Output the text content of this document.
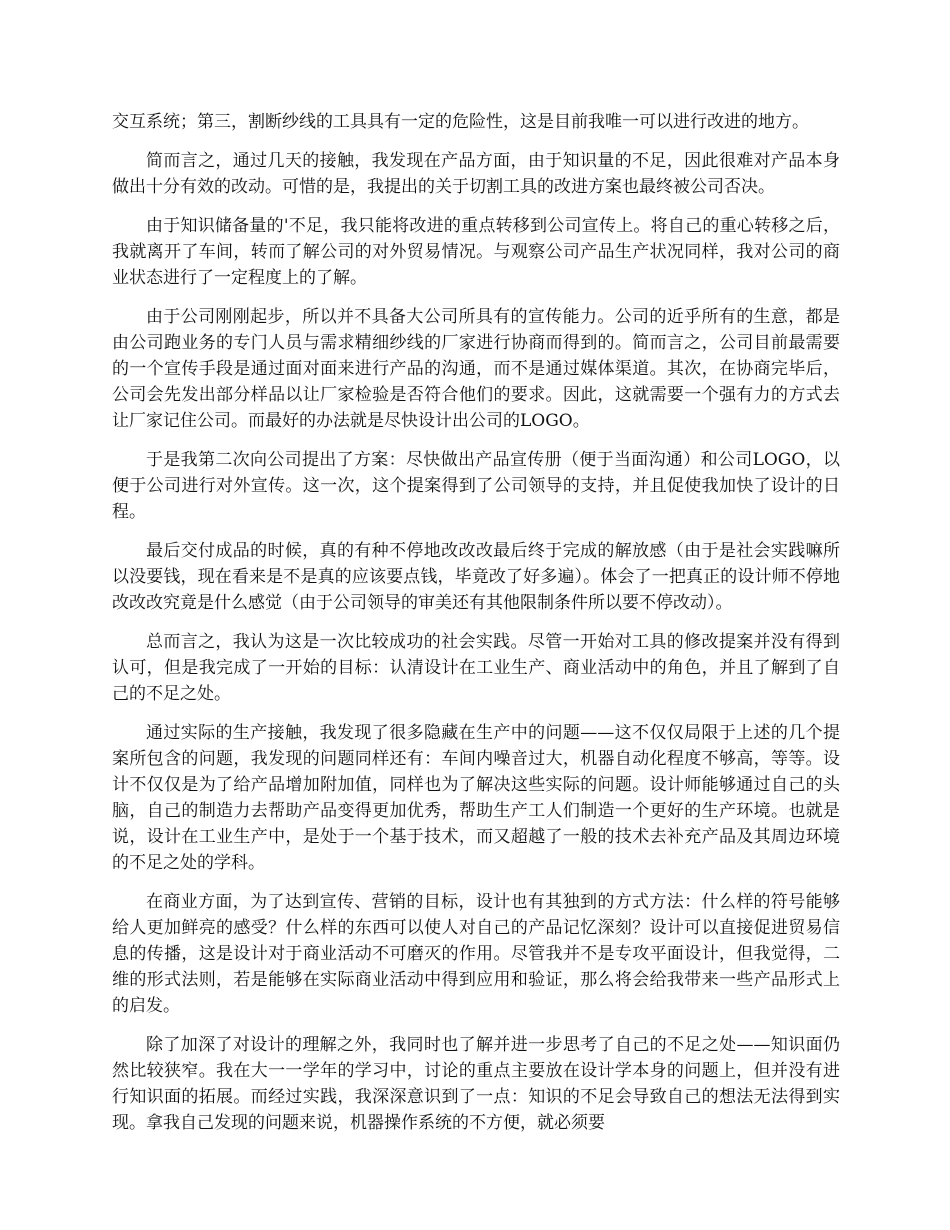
交互系统；第三，割断纱线的工具具有一定的危险性，这是目前我唯一可以进行改进的地方。

简而言之，通过几天的接触，我发现在产品方面，由于知识量的不足，因此很难对产品本身做出十分有效的改动。可惜的是，我提出的关于切割工具的改进方案也最终被公司否决。

由于知识储备量的'不足，我只能将改进的重点转移到公司宣传上。将自己的重心转移之后，我就离开了车间，转而了解公司的对外贸易情况。与观察公司产品生产状况同样，我对公司的商业状态进行了一定程度上的了解。

由于公司刚刚起步，所以并不具备大公司所具有的宣传能力。公司的近乎所有的生意，都是由公司跑业务的专门人员与需求精细纱线的厂家进行协商而得到的。简而言之，公司目前最需要的一个宣传手段是通过面对面来进行产品的沟通，而不是通过媒体渠道。其次，在协商完毕后，公司会先发出部分样品以让厂家检验是否符合他们的要求。因此，这就需要一个强有力的方式去让厂家记住公司。而最好的办法就是尽快设计出公司的LOGO。

于是我第二次向公司提出了方案：尽快做出产品宣传册（便于当面沟通）和公司LOGO，以便于公司进行对外宣传。这一次，这个提案得到了公司领导的支持，并且促使我加快了设计的日程。

最后交付成品的时候，真的有种不停地改改改最后终于完成的解放感（由于是社会实践嘛所以没要钱，现在看来是不是真的应该要点钱，毕竟改了好多遍）。体会了一把真正的设计师不停地改改改究竟是什么感觉（由于公司领导的审美还有其他限制条件所以要不停改动）。

总而言之，我认为这是一次比较成功的社会实践。尽管一开始对工具的修改提案并没有得到认可，但是我完成了一开始的目标：认清设计在工业生产、商业活动中的角色，并且了解到了自己的不足之处。

通过实际的生产接触，我发现了很多隐藏在生产中的问题——这不仅仅局限于上述的几个提案所包含的问题，我发现的问题同样还有：车间内噪音过大，机器自动化程度不够高，等等。设计不仅仅是为了给产品增加附加值，同样也为了解决这些实际的问题。设计师能够通过自己的头脑，自己的制造力去帮助产品变得更加优秀，帮助生产工人们制造一个更好的生产环境。也就是说，设计在工业生产中，是处于一个基于技术，而又超越了一般的技术去补充产品及其周边环境的不足之处的学科。

在商业方面，为了达到宣传、营销的目标，设计也有其独到的方式方法：什么样的符号能够给人更加鲜亮的感受？什么样的东西可以使人对自己的产品记忆深刻？设计可以直接促进贸易信息的传播，这是设计对于商业活动不可磨灭的作用。尽管我并不是专攻平面设计，但我觉得，二维的形式法则，若是能够在实际商业活动中得到应用和验证，那么将会给我带来一些产品形式上的启发。

除了加深了对设计的理解之外，我同时也了解并进一步思考了自己的不足之处——知识面仍然比较狭窄。我在大一一学年的学习中，讨论的重点主要放在设计学本身的问题上，但并没有进行知识面的拓展。而经过实践，我深深意识到了一点：知识的不足会导致自己的想法无法得到实现。拿我自己发现的问题来说，机器操作系统的不方便，就必须要
